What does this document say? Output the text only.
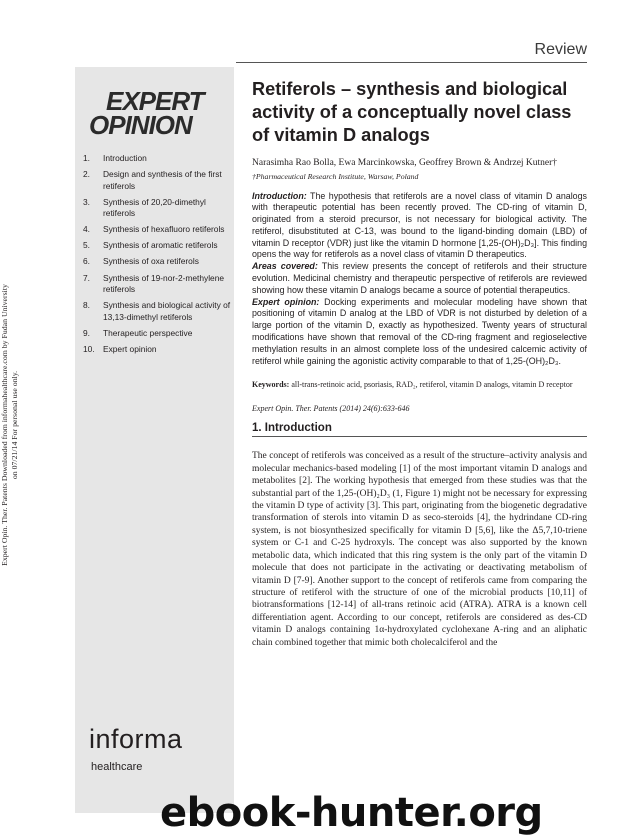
Review
Expert Opin. Ther. Patents Downloaded from informahealthcare.com by Fudan University on 07/21/14 For personal use only.
EXPERT
OPINION
1.	Introduction
2.	Design and synthesis of the first retiferols
3.	Synthesis of 20,20-dimethyl retiferols
4.	Synthesis of hexafluoro retiferols
5.	Synthesis of aromatic retiferols
6.	Synthesis of oxa retiferols
7.	Synthesis of 19-nor-2-methylene retiferols
8.	Synthesis and biological activity of 13,13-dimethyl retiferols
9.	Therapeutic perspective
10. Expert opinion
informa
healthcare
Retiferols – synthesis and biological activity of a conceptually novel class of vitamin D analogs
Narasimha Rao Bolla, Ewa Marcinkowska, Geoffrey Brown & Andrzej Kutner†
†Pharmaceutical Research Institute, Warsaw, Poland

Introduction: The hypothesis that retiferols are a novel class of vitamin D analogs with therapeutic potential has been recently proved. The CD-ring of vitamin D, originated from a steroid precursor, is not necessary for biological activity. The retiferol, disubstituted at C-13, was bound to the ligand-binding domain (LBD) of vitamin D receptor (VDR) just like the vitamin D hormone [1,25-(OH)₂D₃]. This finding opens the way for retiferols as a novel class of vitamin D therapeutics.

Areas covered: This review presents the concept of retiferols and their structure evolution. Medicinal chemistry and therapeutic perspective of retiferols are reviewed showing how these vitamin D analogs became a source of potential therapeutics.

Expert opinion: Docking experiments and molecular modeling have shown that positioning of vitamin D analog at the LBD of VDR is not disturbed by deletion of a large portion of the vitamin D, exactly as hypothesized. Twenty years of structural modifications have shown that removal of the CD-ring fragment and regioselective methylation results in an almost complete loss of the undesired calcemic activity of retiferol while gaining the agonistic activity comparable to that of 1,25-(OH)₂D₃.

Keywords: all-trans-retinoic acid, psoriasis, RAD₂, retiferol, vitamin D analogs, vitamin D receptor
Expert Opin. Ther. Patents (2014) 24(6):633-646
1. Introduction

The concept of retiferols was conceived as a result of the structure–activity analysis and molecular mechanics-based modeling [1] of the most important vitamin D analogs and metabolites [2]. The working hypothesis that emerged from these studies was that the substantial part of the 1,25-(OH)₂D₃ (1, Figure 1) might not be necessary for expressing the vitamin D type of activity [3]. This part, originating from the biogenetic degradative transformation of sterols into vitamin D as seco-steroids [4], the hydrindane CD-ring system, is not biosynthesized specifically for vitamin D [5,6], like the Δ5,7,10-triene system or C-1 and C-25 hydroxyls. The concept was also supported by the known metabolic data, which indicated that this ring system is the only part of the vitamin D molecule that does not participate in the activating or deactivating metabolism of vitamin D [7-9]. Another support to the concept of retiferols came from comparing the structure of retiferol with the structure of one of the microbial products [10,11] of biotransformations [12-14] of all-trans retinoic acid (ATRA). ATRA is a known cell differentiation agent. According to our concept, retiferols are considered as des-CD vitamin D analogs containing 1α-hydroxylated cyclohexane A-ring and an aliphatic chain combined together that mimic both cholecalciferol and the

ebook-hunter.org
